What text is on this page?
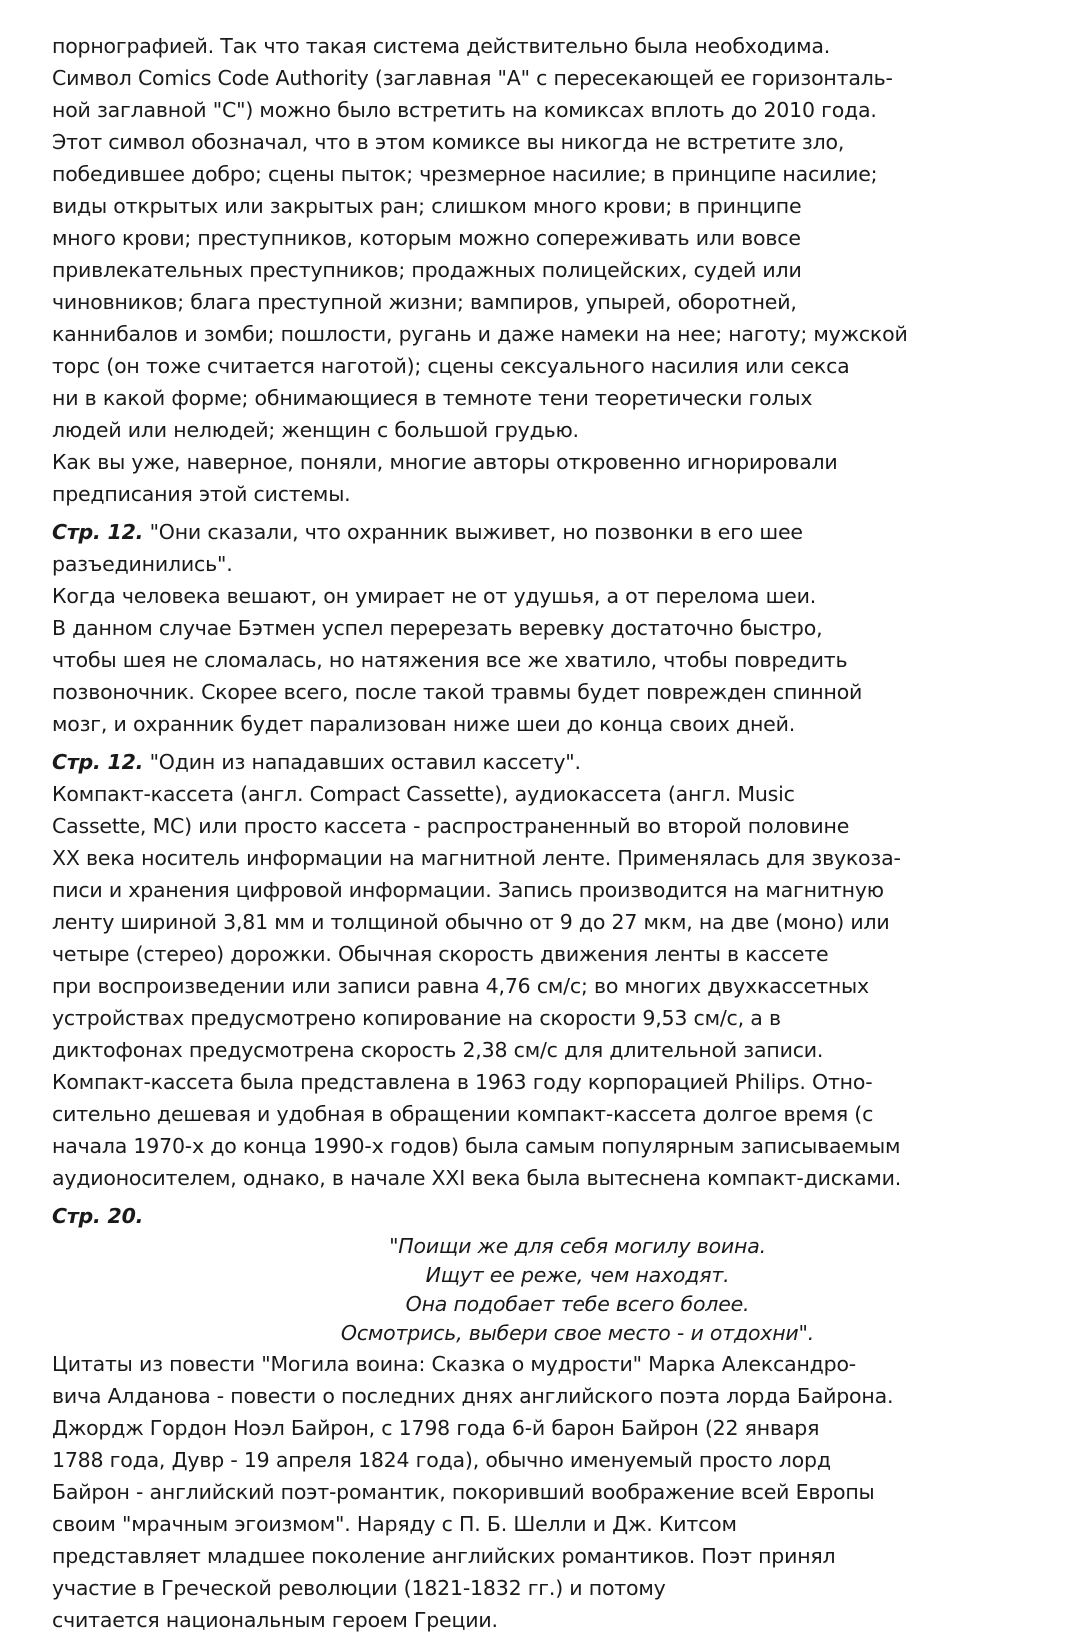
порнографией. Так что такая система действительно была необходима.
Символ Comics Code Authority (заглавная "A" с пересекающей ее горизонталь-
ной заглавной "C") можно было встретить на комиксах вплоть до 2010 года.
Этот символ обозначал, что в этом комиксе вы никогда не встретите зло,
победившее добро; сцены пыток; чрезмерное насилие; в принципе насилие;
виды открытых или закрытых ран; слишком много крови; в принципе
много крови; преступников, которым можно сопереживать или вовсе
привлекательных преступников; продажных полицейских, судей или
чиновников; блага преступной жизни; вампиров, упырей, оборотней,
каннибалов и зомби; пошлости, ругань и даже намеки на нее; наготу; мужской
торс (он тоже считается наготой); сцены сексуального насилия или секса
ни в какой форме; обнимающиеся в темноте тени теоретически голых
людей или нелюдей; женщин с большой грудью.
Как вы уже, наверное, поняли, многие авторы откровенно игнорировали
предписания этой системы.
Стр. 12. "Они сказали, что охранник выживет, но позвонки в его шее
разъединились".
Когда человека вешают, он умирает не от удушья, а от перелома шеи.
В данном случае Бэтмен успел перерезать веревку достаточно быстро,
чтобы шея не сломалась, но натяжения все же хватило, чтобы повредить
позвоночник. Скорее всего, после такой травмы будет поврежден спинной
мозг, и охранник будет парализован ниже шеи до конца своих дней.
Стр. 12. "Один из нападавших оставил кассету".
Компакт-кассета (англ. Compact Cassette), аудиокассета (англ. Music
Cassette, MC) или просто кассета - распространенный во второй половине
XX века носитель информации на магнитной ленте. Применялась для звукоза-
писи и хранения цифровой информации. Запись производится на магнитную
ленту шириной 3,81 мм и толщиной обычно от 9 до 27 мкм, на две (моно) или
четыре (стерео) дорожки. Обычная скорость движения ленты в кассете
при воспроизведении или записи равна 4,76 см/с; во многих двухкассетных
устройствах предусмотрено копирование на скорости 9,53 см/с, а в
диктофонах предусмотрена скорость 2,38 см/с для длительной записи.
Компакт-кассета была представлена в 1963 году корпорацией Philips. Отно-
сительно дешевая и удобная в обращении компакт-кассета долгое время (с
начала 1970-х до конца 1990-х годов) была самым популярным записываемым
аудионосителем, однако, в начале XXI века была вытеснена компакт-дисками.
Стр. 20.
"Поищи же для себя могилу воина.
Ищут ее реже, чем находят.
Она подобает тебе всего более.
Осмотрись, выбери свое место - и отдохни".
Цитаты из повести "Могила воина: Сказка о мудрости" Марка Александро-
вича Алданова - повести о последних днях английского поэта лорда Байрона.
Джордж Гордон Ноэл Байрон, с 1798 года 6-й барон Байрон (22 января
1788 года, Дувр - 19 апреля 1824 года), обычно именуемый просто лорд
Байрон - английский поэт-романтик, покоривший воображение всей Европы
своим "мрачным эгоизмом". Наряду с П. Б. Шелли и Дж. Китсом
представляет младшее поколение английских романтиков. Поэт принял
участие в Греческой революции (1821-1832 гг.) и потому
считается национальным героем Греции.
